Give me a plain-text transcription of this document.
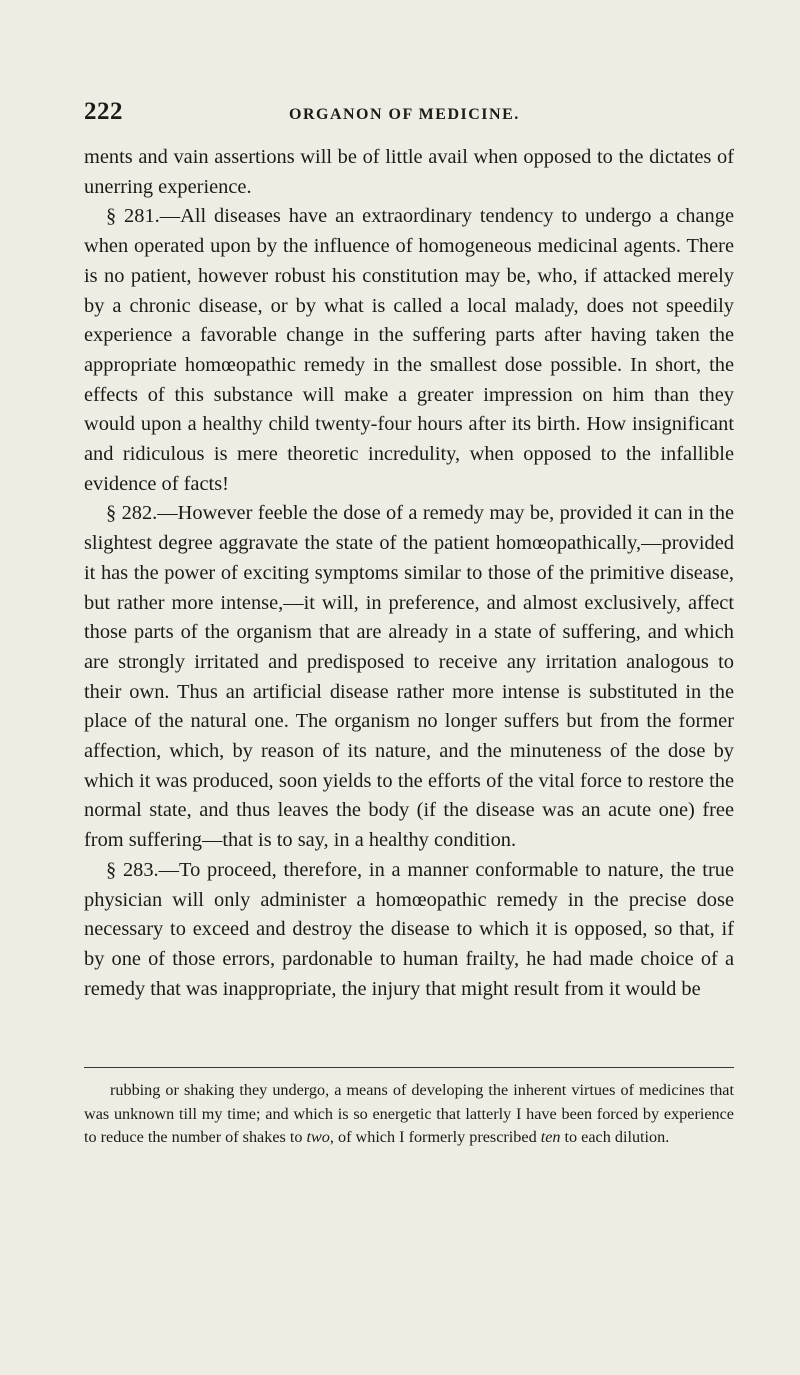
222	ORGANON OF MEDICINE.

ments and vain assertions will be of little avail when opposed to the dictates of unerring experience.

§ 281.—All diseases have an extraordinary tendency to undergo a change when operated upon by the influence of homogeneous medicinal agents. There is no patient, however robust his constitution may be, who, if attacked merely by a chronic disease, or by what is called a local malady, does not speedily experience a favorable change in the suffering parts after having taken the appropriate homœopathic remedy in the smallest dose possible. In short, the effects of this substance will make a greater impression on him than they would upon a healthy child twenty-four hours after its birth. How insignificant and ridiculous is mere theoretic incredulity, when opposed to the infallible evidence of facts!

§ 282.—However feeble the dose of a remedy may be, provided it can in the slightest degree aggravate the state of the patient homœopathically,—provided it has the power of exciting symptoms similar to those of the primitive disease, but rather more intense,—it will, in preference, and almost exclusively, affect those parts of the organism that are already in a state of suffering, and which are strongly irritated and predisposed to receive any irritation analogous to their own. Thus an artificial disease rather more intense is substituted in the place of the natural one. The organism no longer suffers but from the former affection, which, by reason of its nature, and the minuteness of the dose by which it was produced, soon yields to the efforts of the vital force to restore the normal state, and thus leaves the body (if the disease was an acute one) free from suffering—that is to say, in a healthy condition.

§ 283.—To proceed, therefore, in a manner conformable to nature, the true physician will only administer a homœopathic remedy in the precise dose necessary to exceed and destroy the disease to which it is opposed, so that, if by one of those errors, pardonable to human frailty, he had made choice of a remedy that was inappropriate, the injury that might result from it would be

rubbing or shaking they undergo, a means of developing the inherent virtues of medicines that was unknown till my time; and which is so energetic that latterly I have been forced by experience to reduce the number of shakes to two, of which I formerly prescribed ten to each dilution.
